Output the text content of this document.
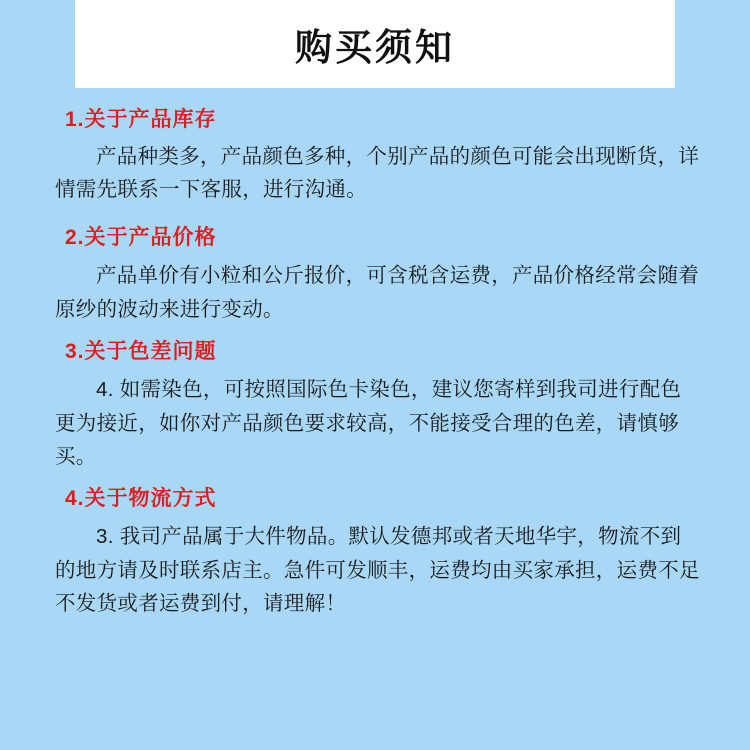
购买须知
1.关于产品库存
产品种类多，产品颜色多种，个别产品的颜色可能会出现断货，详情需先联系一下客服，进行沟通。
2.关于产品价格
产品单价有小粒和公斤报价，可含税含运费，产品价格经常会随着原纱的波动来进行变动。
3.关于色差问题
4. 如需染色，可按照国际色卡染色，建议您寄样到我司进行配色更为接近，如你对产品颜色要求较高，不能接受合理的色差，请慎够买。
4.关于物流方式
3. 我司产品属于大件物品。默认发德邦或者天地华宇，物流不到的地方请及时联系店主。急件可发顺丰，运费均由买家承担，运费不足不发货或者运费到付，请理解！
